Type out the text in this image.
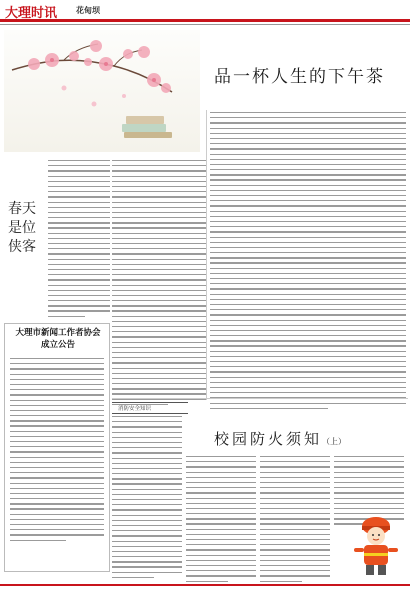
大理时讯 花甸坝
品一杯人生的下午茶
春天是位侠客
大理市新闻工作者协会成立公告
消防安全知识
校园防火须知（上）
